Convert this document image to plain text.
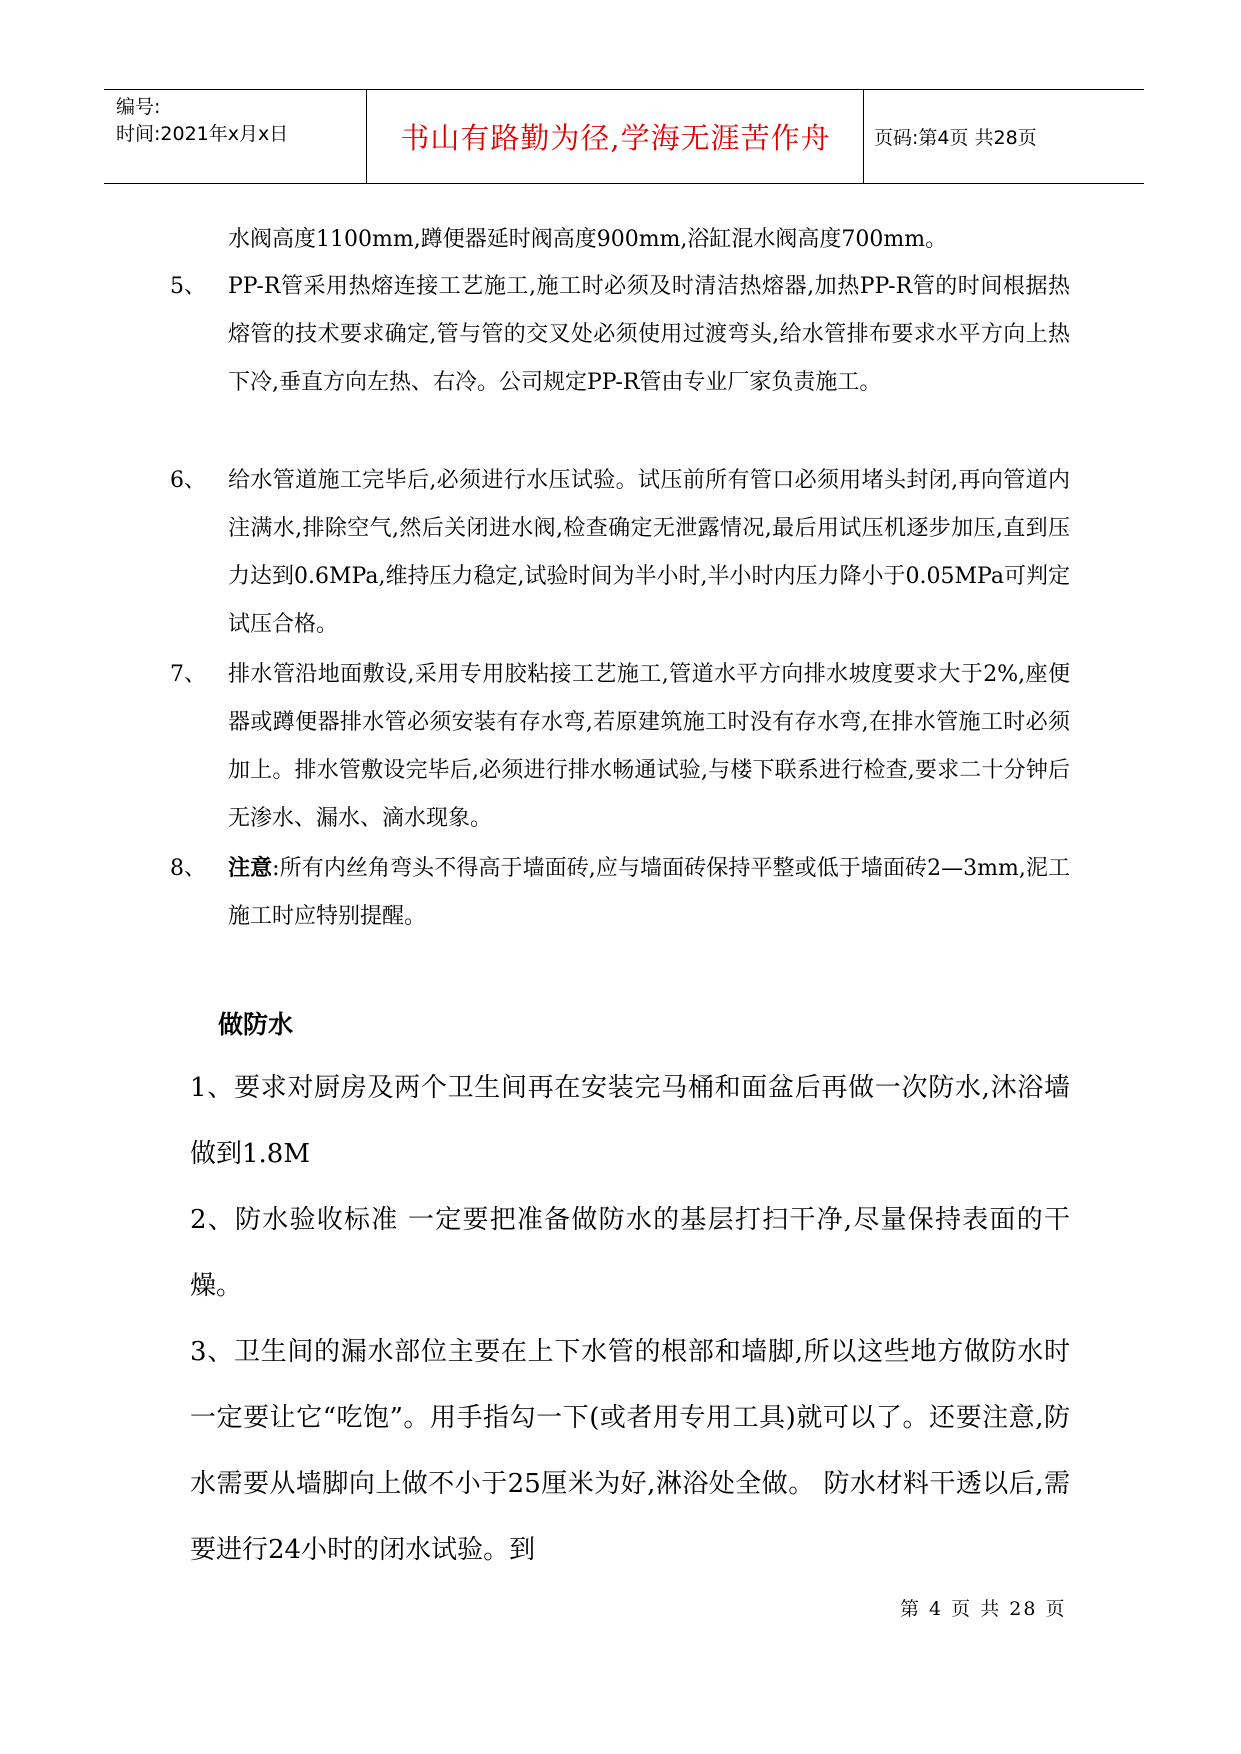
编号:
时间:2021年x月x日	书山有路勤为径,学海无涯苦作舟	页码:第4页 共28页
水阀高度1100mm,蹲便器延时阀高度900mm,浴缸混水阀高度700mm。
5、	PP-R管采用热熔连接工艺施工,施工时必须及时清洁热熔器,加热PP-R管的时间根据热熔管的技术要求确定,管与管的交叉处必须使用过渡弯头,给水管排布要求水平方向上热下冷,垂直方向左热、右冷。公司规定PP-R管由专业厂家负责施工。
6、	给水管道施工完毕后,必须进行水压试验。试压前所有管口必须用堵头封闭,再向管道内注满水,排除空气,然后关闭进水阀,检查确定无泄露情况,最后用试压机逐步加压,直到压力达到0.6MPa,维持压力稳定,试验时间为半小时,半小时内压力降小于0.05MPa可判定试压合格。
7、	排水管沿地面敷设,采用专用胶粘接工艺施工,管道水平方向排水坡度要求大于2%,座便器或蹲便器排水管必须安装有存水弯,若原建筑施工时没有存水弯,在排水管施工时必须加上。排水管敷设完毕后,必须进行排水畅通试验,与楼下联系进行检查,要求二十分钟后无渗水、漏水、滴水现象。
8、	注意:所有内丝角弯头不得高于墙面砖,应与墙面砖保持平整或低于墙面砖2—3mm,泥工施工时应特别提醒。
做防水
1、要求对厨房及两个卫生间再在安装完马桶和面盆后再做一次防水,沐浴墙做到1.8M
2、防水验收标准 一定要把准备做防水的基层打扫干净,尽量保持表面的干燥。
3、卫生间的漏水部位主要在上下水管的根部和墙脚,所以这些地方做防水时一定要让它“吃饱”。用手指勾一下(或者用专用工具)就可以了。还要注意,防水需要从墙脚向上做不小于25厘米为好,淋浴处全做。 防水材料干透以后,需要进行24小时的闭水试验。到
第 4 页 共 28 页
